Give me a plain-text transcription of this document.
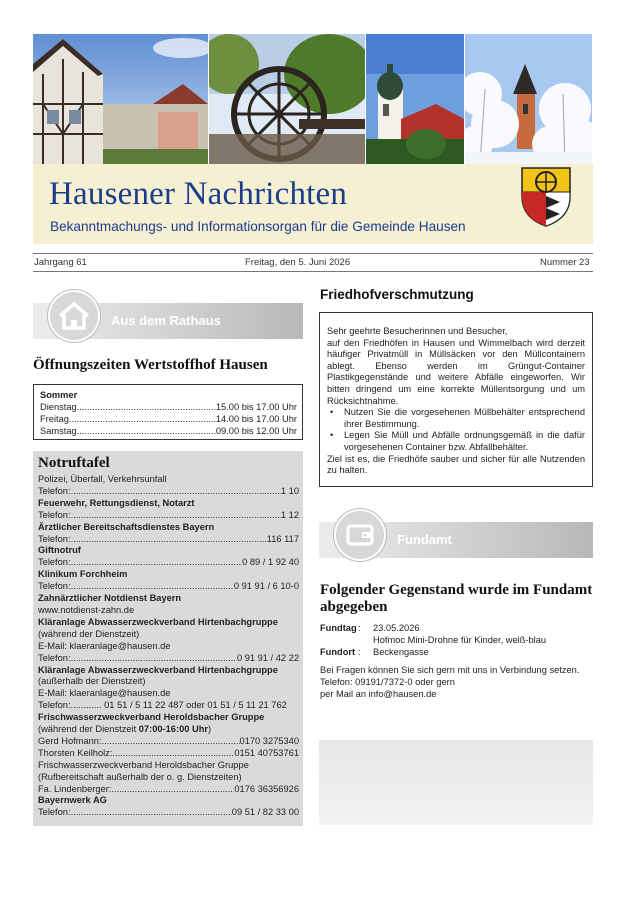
Hausener Nachrichten
Bekanntmachungs- und Informationsorgan für die Gemeinde Hausen
Jahrgang 61	Freitag, den 5. Juni 2026	Nummer 23
Aus dem Rathaus
Öffnungszeiten Wertstoffhof Hausen
Sommer
Dienstag .....	15.00 bis 17.00 Uhr
Freitag .....	14.00 bis 17.00 Uhr
Samstag .....	09.00 bis 12.00 Uhr
Notruftafel
Polizei, Überfall, Verkehrsunfall
Telefon: .....	1 10
Feuerwehr, Rettungsdienst, Notarzt
Telefon: .....	1 12
Ärztlicher Bereitschaftsdienstes Bayern
Telefon: .....	116 117
Giftnotruf
Telefon: .....	0 89 / 1 92 40
Klinikum Forchheim
Telefon: .....	0 91 91 / 6 10-0
Zahnärztlicher Notdienst Bayern
www.notdienst-zahn.de
Kläranlage Abwasserzweckverband Hirtenbachgruppe
(während der Dienstzeit)
E-Mail: klaeranlage@hausen.de
Telefon: .....	0 91 91 / 42 22
Kläranlage Abwasserzweckverband Hirtenbachgruppe
(außerhalb der Dienstzeit)
E-Mail: klaeranlage@hausen.de
Telefon:............ 01 51 / 5 11 22 487 oder 01 51 / 5 11 21 762
Frischwasserzweckverband Heroldsbacher Gruppe
(während der Dienstzeit 07:00-16:00 Uhr)
Gerd Hofmann: .....	0170 3275340
Thorsten Keilholz: .....	0151 40753761
Frischwasserzweckverband Heroldsbacher Gruppe
(Rufbereitschaft außerhalb der o. g. Dienstzeiten)
Fa. Lindenberger: .....	0176 36356926
Bayernwerk AG
Telefon: .....	09 51 / 82 33 00
Friedhofverschmutzung

Sehr geehrte Besucherinnen und Besucher,

auf den Friedhöfen in Hausen und Wimmelbach wird derzeit häufiger Privatmüll in Müllsäcken vor den Müllcontainern ablegt. Ebenso werden im Grüngut-Container Plastikgegenstände und weitere Abfälle eingeworfen. Wir bitten dringend um eine korrekte Müllentsorgung und um Rücksichtnahme.

• Nutzen Sie die vorgesehenen Müllbehälter entsprechend ihrer Bestimmung.
• Legen Sie Müll und Abfälle ordnungsgemäß in die dafür vorgesehenen Container bzw. Abfallbehälter.

Ziel ist es, die Friedhöfe sauber und sicher für alle Nutzenden zu halten.

Fundamt
Folgender Gegenstand wurde im Fundamt
abgegeben
Fundtag :	23.05.2026
Hofmoc Mini-Drohne für Kinder, weiß-blau
Fundort :	Beckengasse
Bei Fragen können Sie sich gern mit uns in Verbindung setzen.
Telefon: 09191/7372-0 oder gern
per Mail an info@hausen.de
